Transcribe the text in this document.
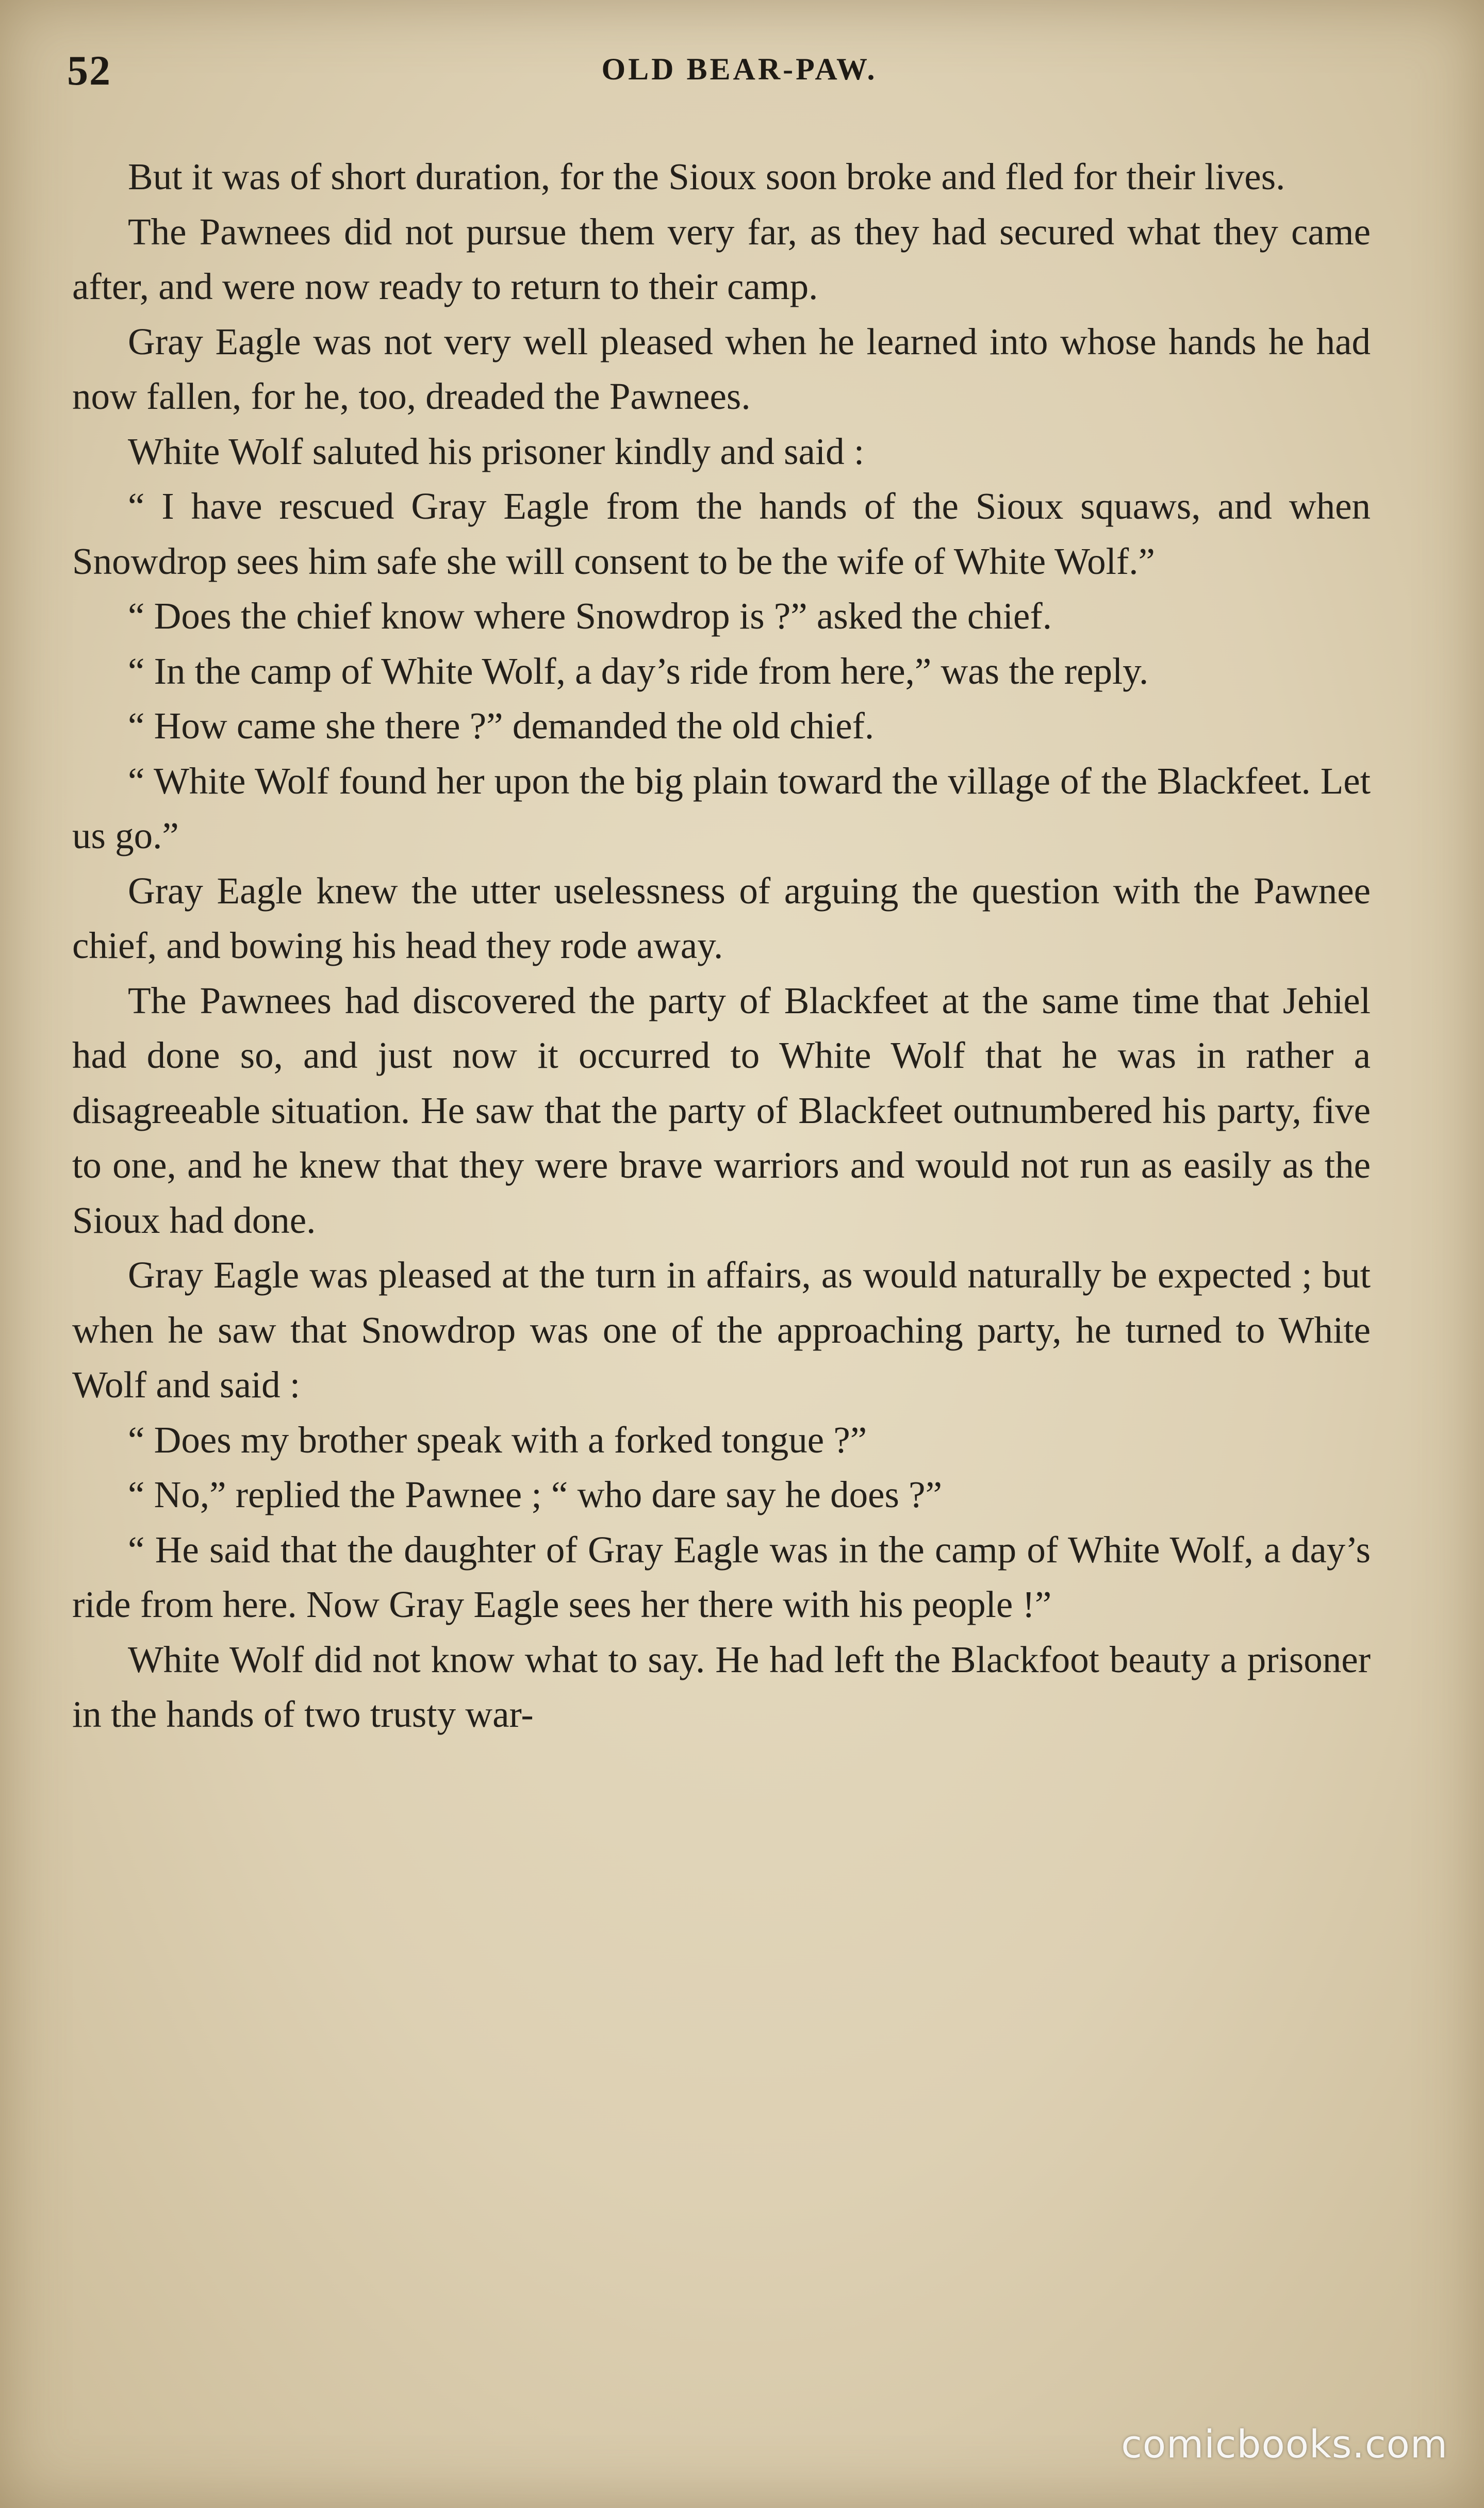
52	OLD BEAR-PAW.

But it was of short duration, for the Sioux soon broke and fled for their lives.

The Pawnees did not pursue them very far, as they had secured what they came after, and were now ready to return to their camp.

Gray Eagle was not very well pleased when he learned into whose hands he had now fallen, for he, too, dreaded the Pawnees.

White Wolf saluted his prisoner kindly and said :

“ I have rescued Gray Eagle from the hands of the Sioux squaws, and when Snowdrop sees him safe she will consent to be the wife of White Wolf.”

“ Does the chief know where Snowdrop is ?” asked the chief.

“ In the camp of White Wolf, a day’s ride from here,” was the reply.

“ How came she there ?” demanded the old chief.

“ White Wolf found her upon the big plain toward the village of the Blackfeet. Let us go.”

Gray Eagle knew the utter uselessness of arguing the question with the Pawnee chief, and bowing his head they rode away.

The Pawnees had discovered the party of Blackfeet at the same time that Jehiel had done so, and just now it occurred to White Wolf that he was in rather a disagreeable situation. He saw that the party of Blackfeet outnumbered his party, five to one, and he knew that they were brave warriors and would not run as easily as the Sioux had done.

Gray Eagle was pleased at the turn in affairs, as would naturally be expected ; but when he saw that Snowdrop was one of the approaching party, he turned to White Wolf and said :

“ Does my brother speak with a forked tongue ?”

“ No,” replied the Pawnee ; “ who dare say he does ?”

“ He said that the daughter of Gray Eagle was in the camp of White Wolf, a day’s ride from here. Now Gray Eagle sees her there with his people !”

White Wolf did not know what to say. He had left the Blackfoot beauty a prisoner in the hands of two trusty war-

comicbooks.com
